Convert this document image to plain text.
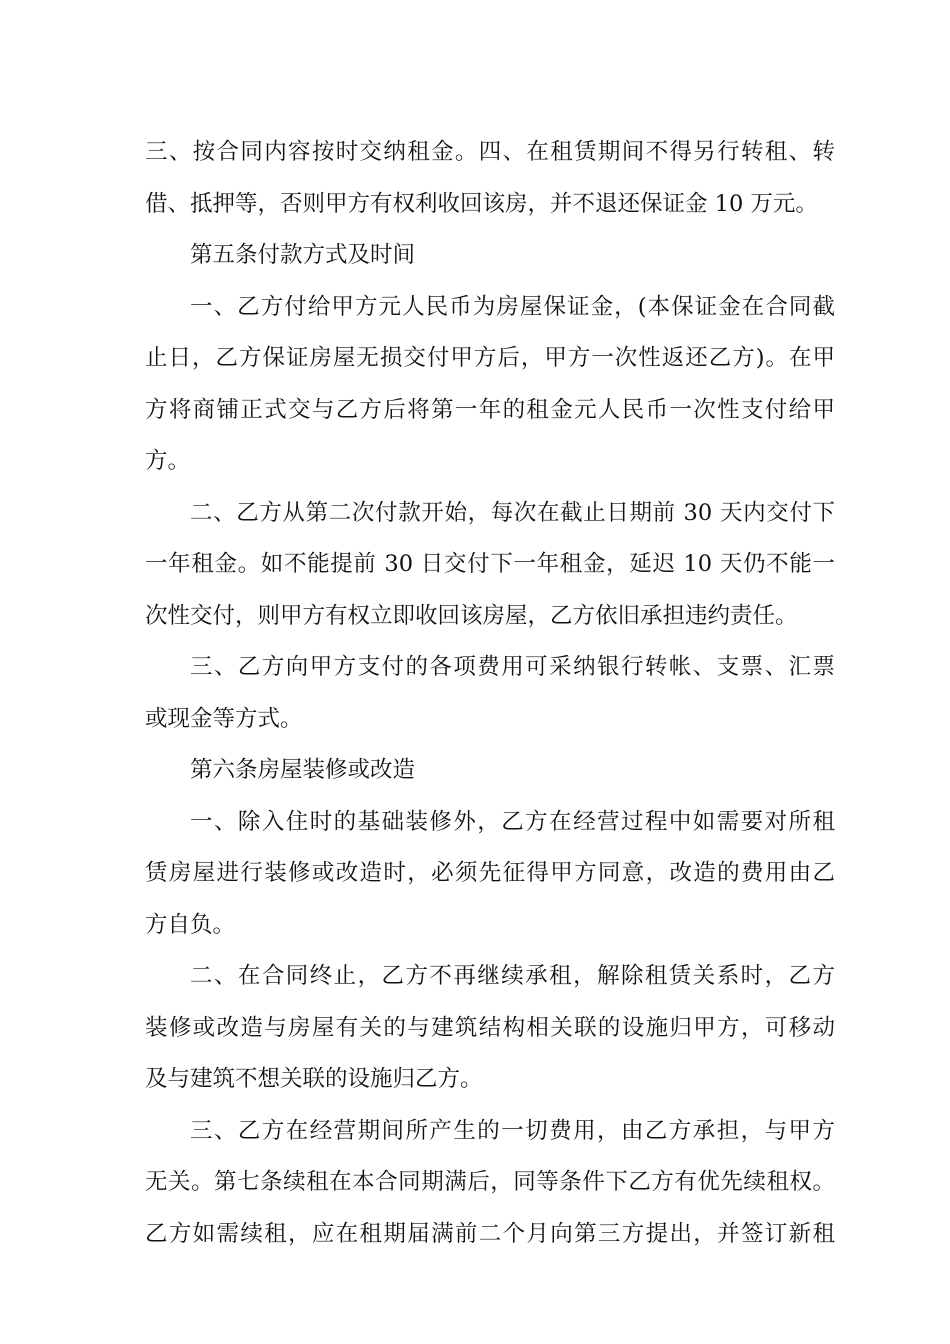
三、按合同内容按时交纳租金。四、在租赁期间不得另行转租、转
借、抵押等，否则甲方有权利收回该房，并不退还保证金 10 万元。
第五条付款方式及时间
一、乙方付给甲方元人民币为房屋保证金，(本保证金在合同截
止日，乙方保证房屋无损交付甲方后，甲方一次性返还乙方)。在甲
方将商铺正式交与乙方后将第一年的租金元人民币一次性支付给甲
方。
二、乙方从第二次付款开始，每次在截止日期前 30 天内交付下
一年租金。如不能提前 30 日交付下一年租金，延迟 10 天仍不能一
次性交付，则甲方有权立即收回该房屋，乙方依旧承担违约责任。
三、乙方向甲方支付的各项费用可采纳银行转帐、支票、汇票
或现金等方式。
第六条房屋装修或改造
一、除入住时的基础装修外，乙方在经营过程中如需要对所租
赁房屋进行装修或改造时，必须先征得甲方同意，改造的费用由乙
方自负。
二、在合同终止，乙方不再继续承租，解除租赁关系时，乙方
装修或改造与房屋有关的与建筑结构相关联的设施归甲方，可移动
及与建筑不想关联的设施归乙方。
三、乙方在经营期间所产生的一切费用，由乙方承担，与甲方
无关。第七条续租在本合同期满后，同等条件下乙方有优先续租权。
乙方如需续租，应在租期届满前二个月向第三方提出，并签订新租
